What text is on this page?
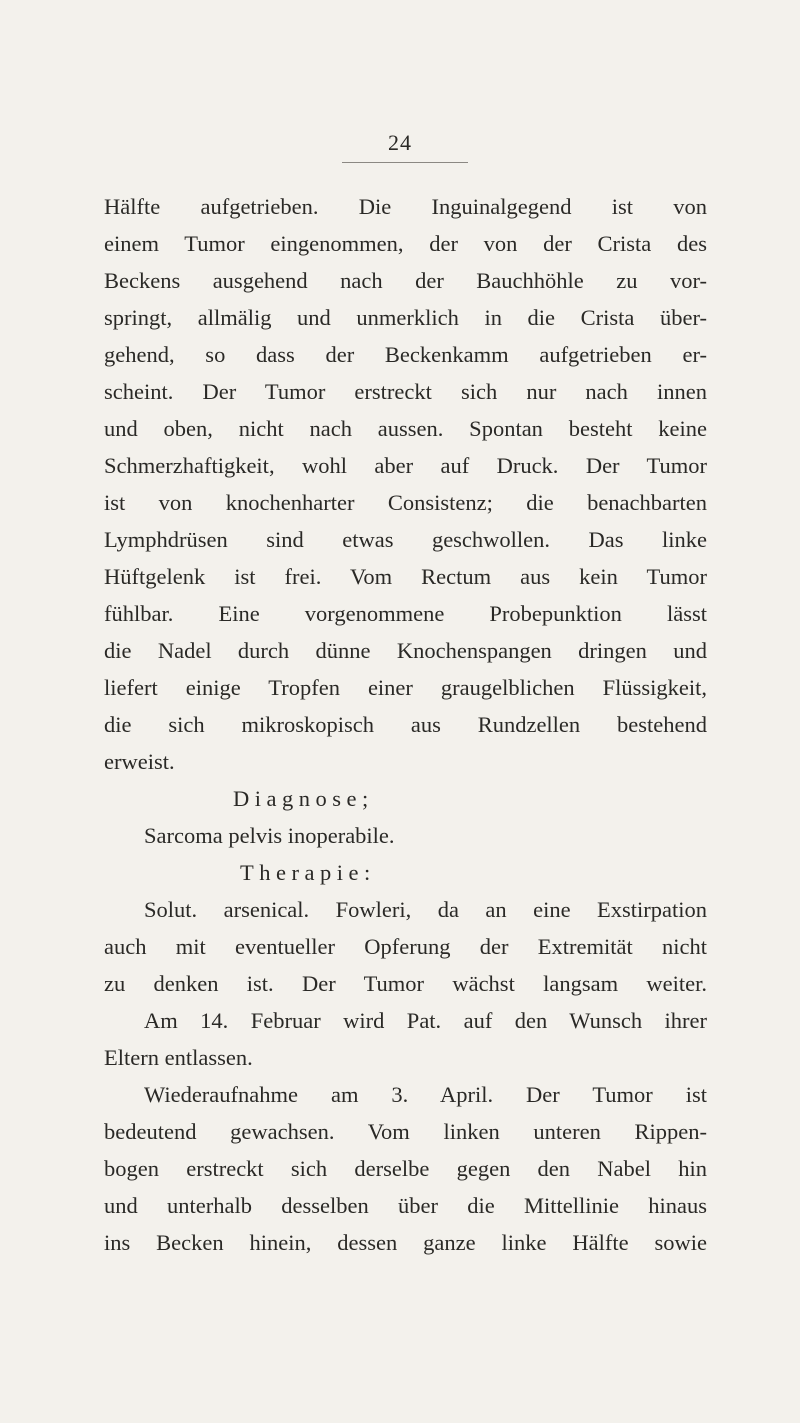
24
Hälfte aufgetrieben. Die Inguinalgegend ist von
einem Tumor eingenommen, der von der Crista des
Beckens ausgehend nach der Bauchhöhle zu vor-
springt, allmälig und unmerklich in die Crista über-
gehend, so dass der Beckenkamm aufgetrieben er-
scheint. Der Tumor erstreckt sich nur nach innen
und oben, nicht nach aussen. Spontan besteht keine
Schmerzhaftigkeit, wohl aber auf Druck. Der Tumor
ist von knochenharter Consistenz; die benachbarten
Lymphdrüsen sind etwas geschwollen. Das linke
Hüftgelenk ist frei. Vom Rectum aus kein Tumor
fühlbar. Eine vorgenommene Probepunktion lässt
die Nadel durch dünne Knochenspangen dringen und
liefert einige Tropfen einer graugelblichen Flüssigkeit,
die sich mikroskopisch aus Rundzellen bestehend
erweist.
Diagnose;
Sarcoma pelvis inoperabile.
Therapie:
Solut. arsenical. Fowleri, da an eine Exstirpation
auch mit eventueller Opferung der Extremität nicht
zu denken ist. Der Tumor wächst langsam weiter.
Am 14. Februar wird Pat. auf den Wunsch ihrer
Eltern entlassen.
Wiederaufnahme am 3. April. Der Tumor ist
bedeutend gewachsen. Vom linken unteren Rippen-
bogen erstreckt sich derselbe gegen den Nabel hin
und unterhalb desselben über die Mittellinie hinaus
ins Becken hinein, dessen ganze linke Hälfte sowie
